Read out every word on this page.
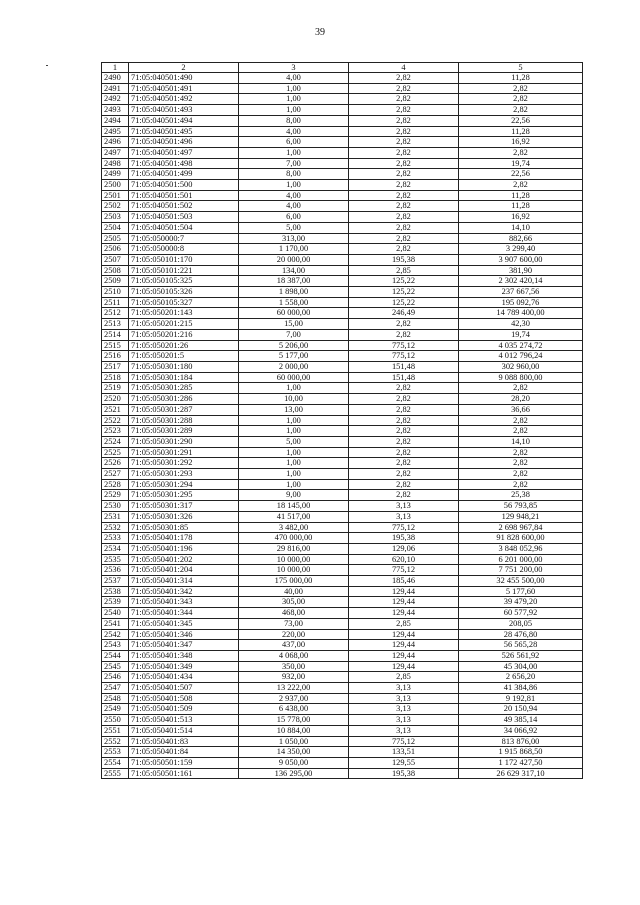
39
1	2	3	4	5
2490	71:05:040501:490	4,00	2,82	11,28
2491	71:05:040501:491	1,00	2,82	2,82
2492	71:05:040501:492	1,00	2,82	2,82
2493	71:05:040501:493	1,00	2,82	2,82
2494	71:05:040501:494	8,00	2,82	22,56
2495	71:05:040501:495	4,00	2,82	11,28
2496	71:05:040501:496	6,00	2,82	16,92
2497	71:05:040501:497	1,00	2,82	2,82
2498	71:05:040501:498	7,00	2,82	19,74
2499	71:05:040501:499	8,00	2,82	22,56
2500	71:05:040501:500	1,00	2,82	2,82
2501	71:05:040501:501	4,00	2,82	11,28
2502	71:05:040501:502	4,00	2,82	11,28
2503	71:05:040501:503	6,00	2,82	16,92
2504	71:05:040501:504	5,00	2,82	14,10
2505	71:05:050000:7	313,00	2,82	882,66
2506	71:05:050000:8	1 170,00	2,82	3 299,40
2507	71:05:050101:170	20 000,00	195,38	3 907 600,00
2508	71:05:050101:221	134,00	2,85	381,90
2509	71:05:050105:325	18 387,00	125,22	2 302 420,14
2510	71:05:050105:326	1 898,00	125,22	237 667,56
2511	71:05:050105:327	1 558,00	125,22	195 092,76
2512	71:05:050201:143	60 000,00	246,49	14 789 400,00
2513	71:05:050201:215	15,00	2,82	42,30
2514	71:05:050201:216	7,00	2,82	19,74
2515	71:05:050201:26	5 206,00	775,12	4 035 274,72
2516	71:05:050201:5	5 177,00	775,12	4 012 796,24
2517	71:05:050301:180	2 000,00	151,48	302 960,00
2518	71:05:050301:184	60 000,00	151,48	9 088 800,00
2519	71:05:050301:285	1,00	2,82	2,82
2520	71:05:050301:286	10,00	2,82	28,20
2521	71:05:050301:287	13,00	2,82	36,66
2522	71:05:050301:288	1,00	2,82	2,82
2523	71:05:050301:289	1,00	2,82	2,82
2524	71:05:050301:290	5,00	2,82	14,10
2525	71:05:050301:291	1,00	2,82	2,82
2526	71:05:050301:292	1,00	2,82	2,82
2527	71:05:050301:293	1,00	2,82	2,82
2528	71:05:050301:294	1,00	2,82	2,82
2529	71:05:050301:295	9,00	2,82	25,38
2530	71:05:050301:317	18 145,00	3,13	56 793,85
2531	71:05:050301:326	41 517,00	3,13	129 948,21
2532	71:05:050301:85	3 482,00	775,12	2 698 967,84
2533	71:05:050401:178	470 000,00	195,38	91 828 600,00
2534	71:05:050401:196	29 816,00	129,06	3 848 052,96
2535	71:05:050401:202	10 000,00	620,10	6 201 000,00
2536	71:05:050401:204	10 000,00	775,12	7 751 200,00
2537	71:05:050401:314	175 000,00	185,46	32 455 500,00
2538	71:05:050401:342	40,00	129,44	5 177,60
2539	71:05:050401:343	305,00	129,44	39 479,20
2540	71:05:050401:344	468,00	129,44	60 577,92
2541	71:05:050401:345	73,00	2,85	208,05
2542	71:05:050401:346	220,00	129,44	28 476,80
2543	71:05:050401:347	437,00	129,44	56 565,28
2544	71:05:050401:348	4 068,00	129,44	526 561,92
2545	71:05:050401:349	350,00	129,44	45 304,00
2546	71:05:050401:434	932,00	2,85	2 656,20
2547	71:05:050401:507	13 222,00	3,13	41 384,86
2548	71:05:050401:508	2 937,00	3,13	9 192,81
2549	71:05:050401:509	6 438,00	3,13	20 150,94
2550	71:05:050401:513	15 778,00	3,13	49 385,14
2551	71:05:050401:514	10 884,00	3,13	34 066,92
2552	71:05:050401:83	1 050,00	775,12	813 876,00
2553	71:05:050401:84	14 350,00	133,51	1 915 868,50
2554	71:05:050501:159	9 050,00	129,55	1 172 427,50
2555	71:05:050501:161	136 295,00	195,38	26 629 317,10
